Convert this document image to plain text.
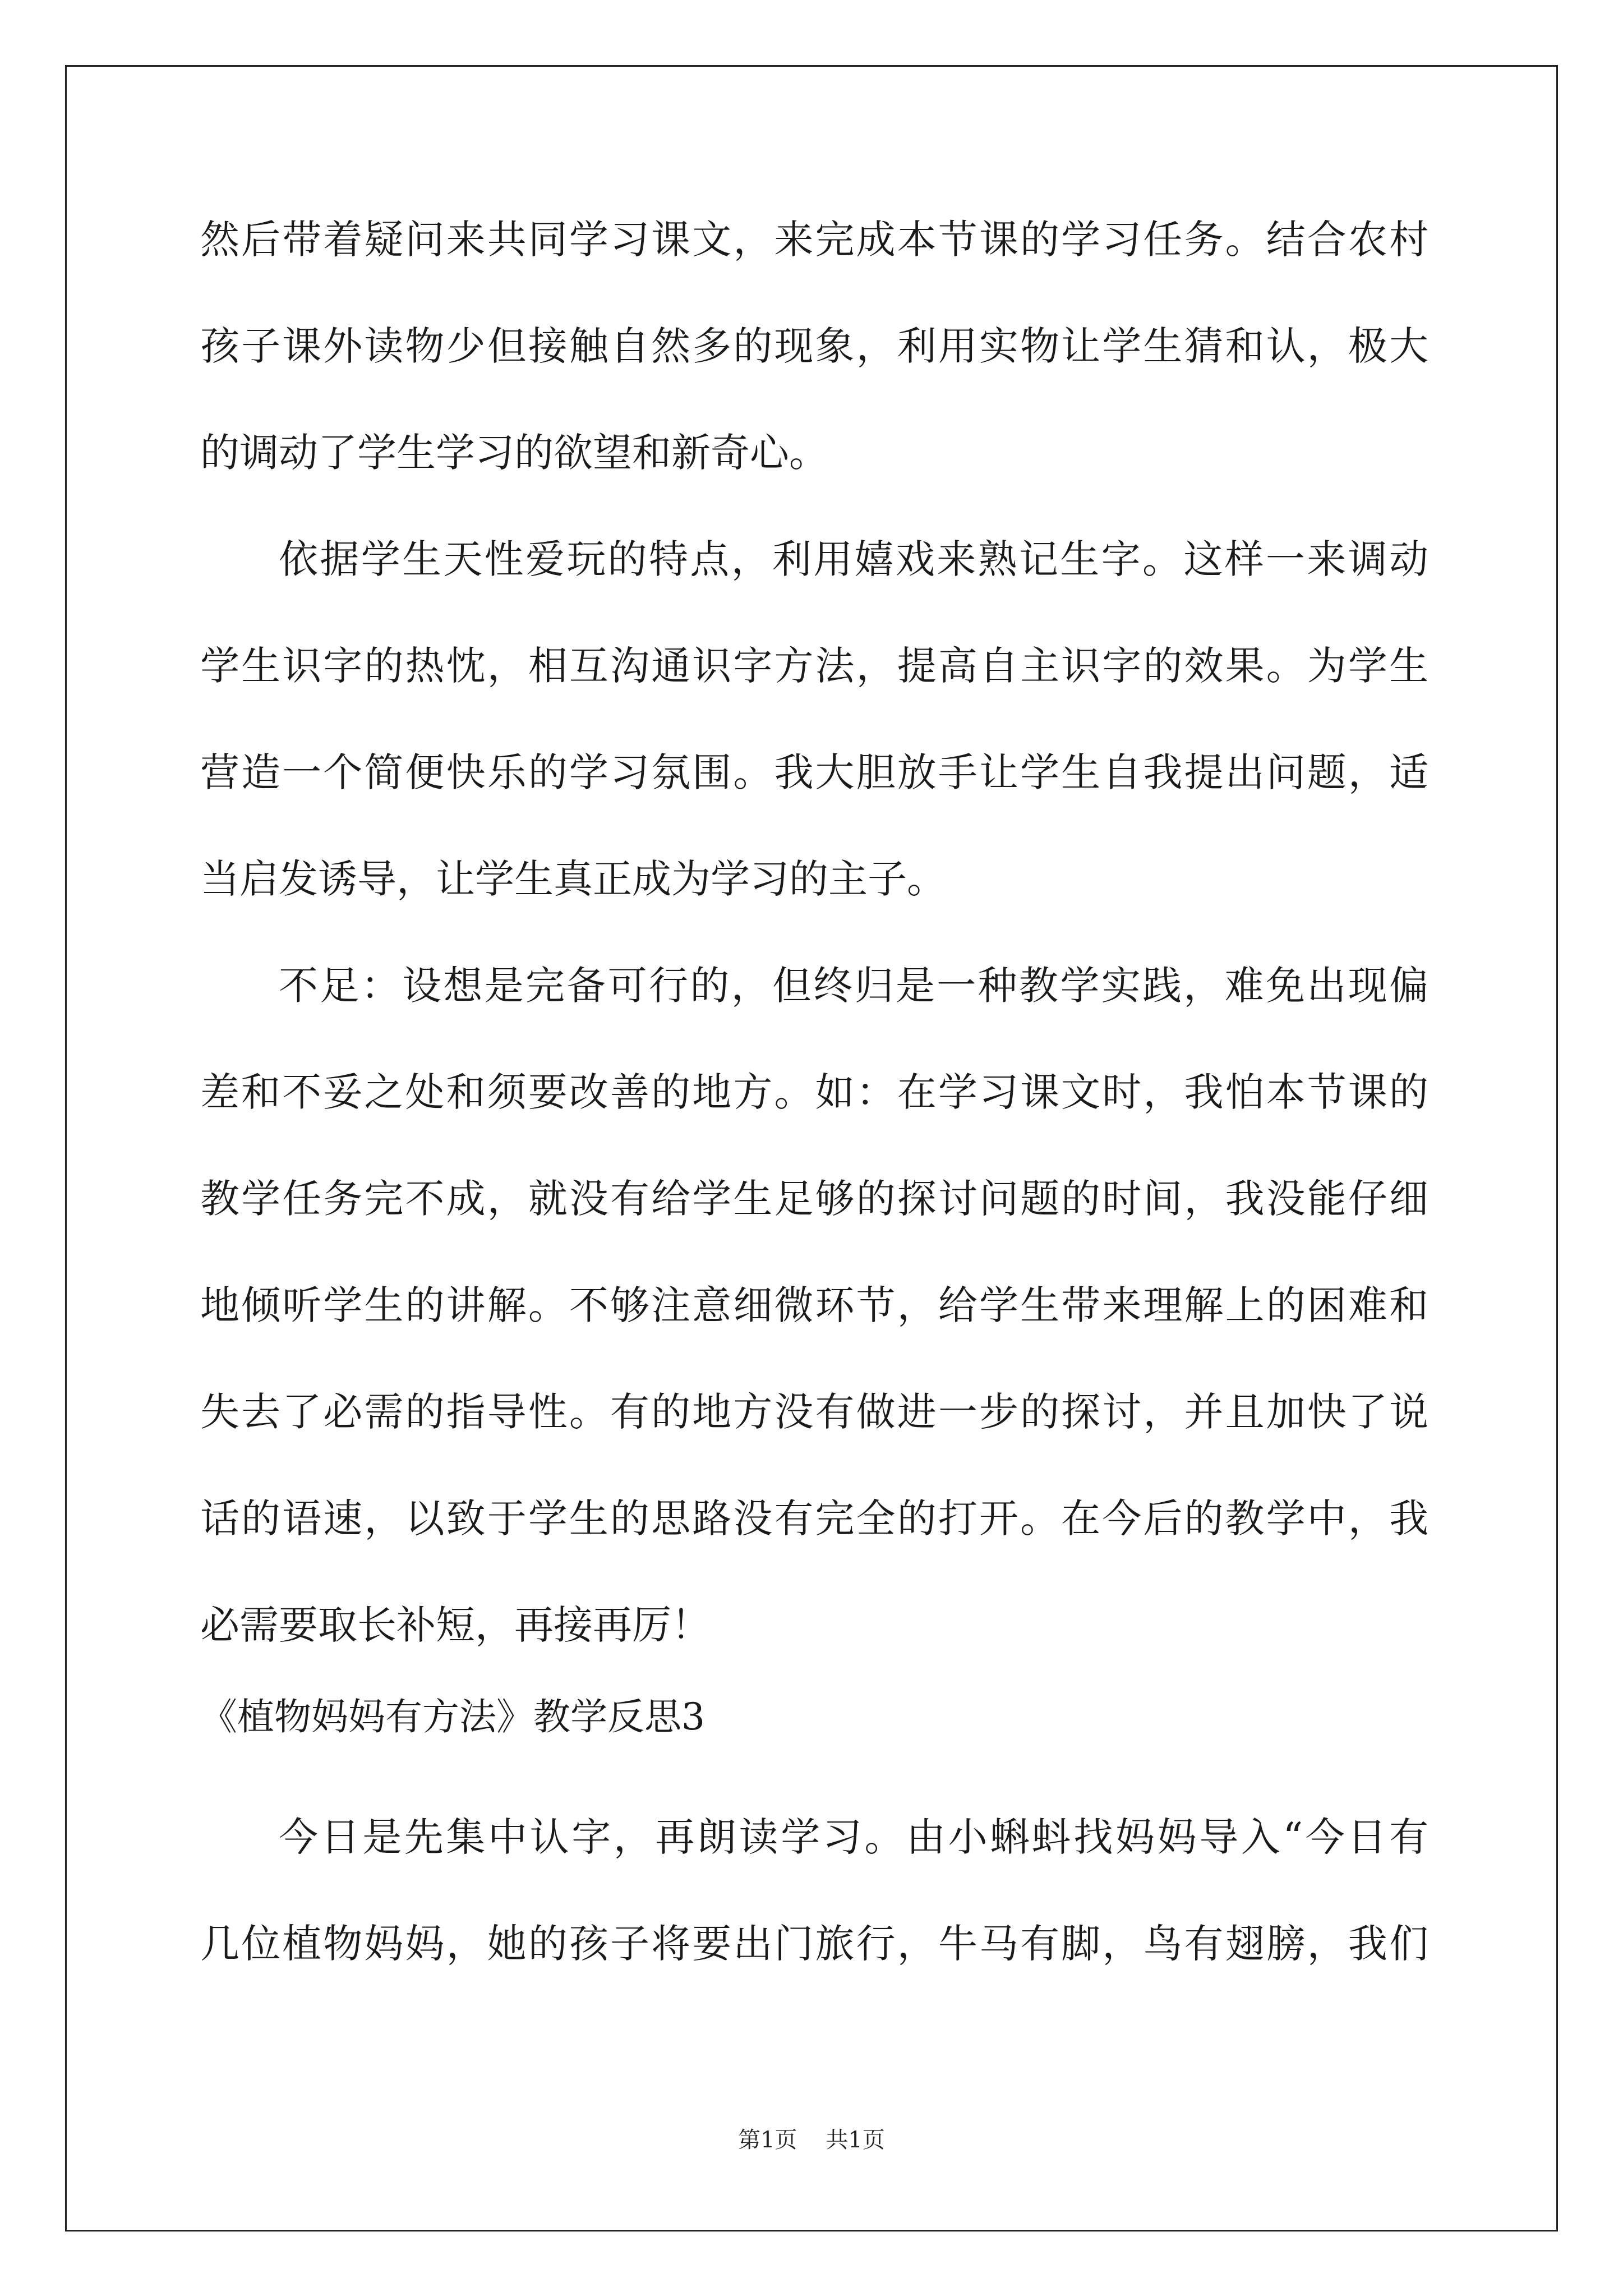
然后带着疑问来共同学习课文，来完成本节课的学习任务。结合农村

孩子课外读物少但接触自然多的现象，利用实物让学生猜和认，极大

的调动了学生学习的欲望和新奇心。

依据学生天性爱玩的特点，利用嬉戏来熟记生字。这样一来调动

学生识字的热忱，相互沟通识字方法，提高自主识字的效果。为学生

营造一个简便快乐的学习氛围。我大胆放手让学生自我提出问题，适

当启发诱导，让学生真正成为学习的主子。

不足：设想是完备可行的，但终归是一种教学实践，难免出现偏

差和不妥之处和须要改善的地方。如：在学习课文时，我怕本节课的

教学任务完不成，就没有给学生足够的探讨问题的时间，我没能仔细

地倾听学生的讲解。不够注意细微环节，给学生带来理解上的困难和

失去了必需的指导性。有的地方没有做进一步的探讨，并且加快了说

话的语速，以致于学生的思路没有完全的打开。在今后的教学中，我

必需要取长补短，再接再厉！

《植物妈妈有方法》教学反思3

今日是先集中认字，再朗读学习。由小蝌蚪找妈妈导入“今日有

几位植物妈妈，她的孩子将要出门旅行，牛马有脚，鸟有翅膀，我们

第1页 共1页
